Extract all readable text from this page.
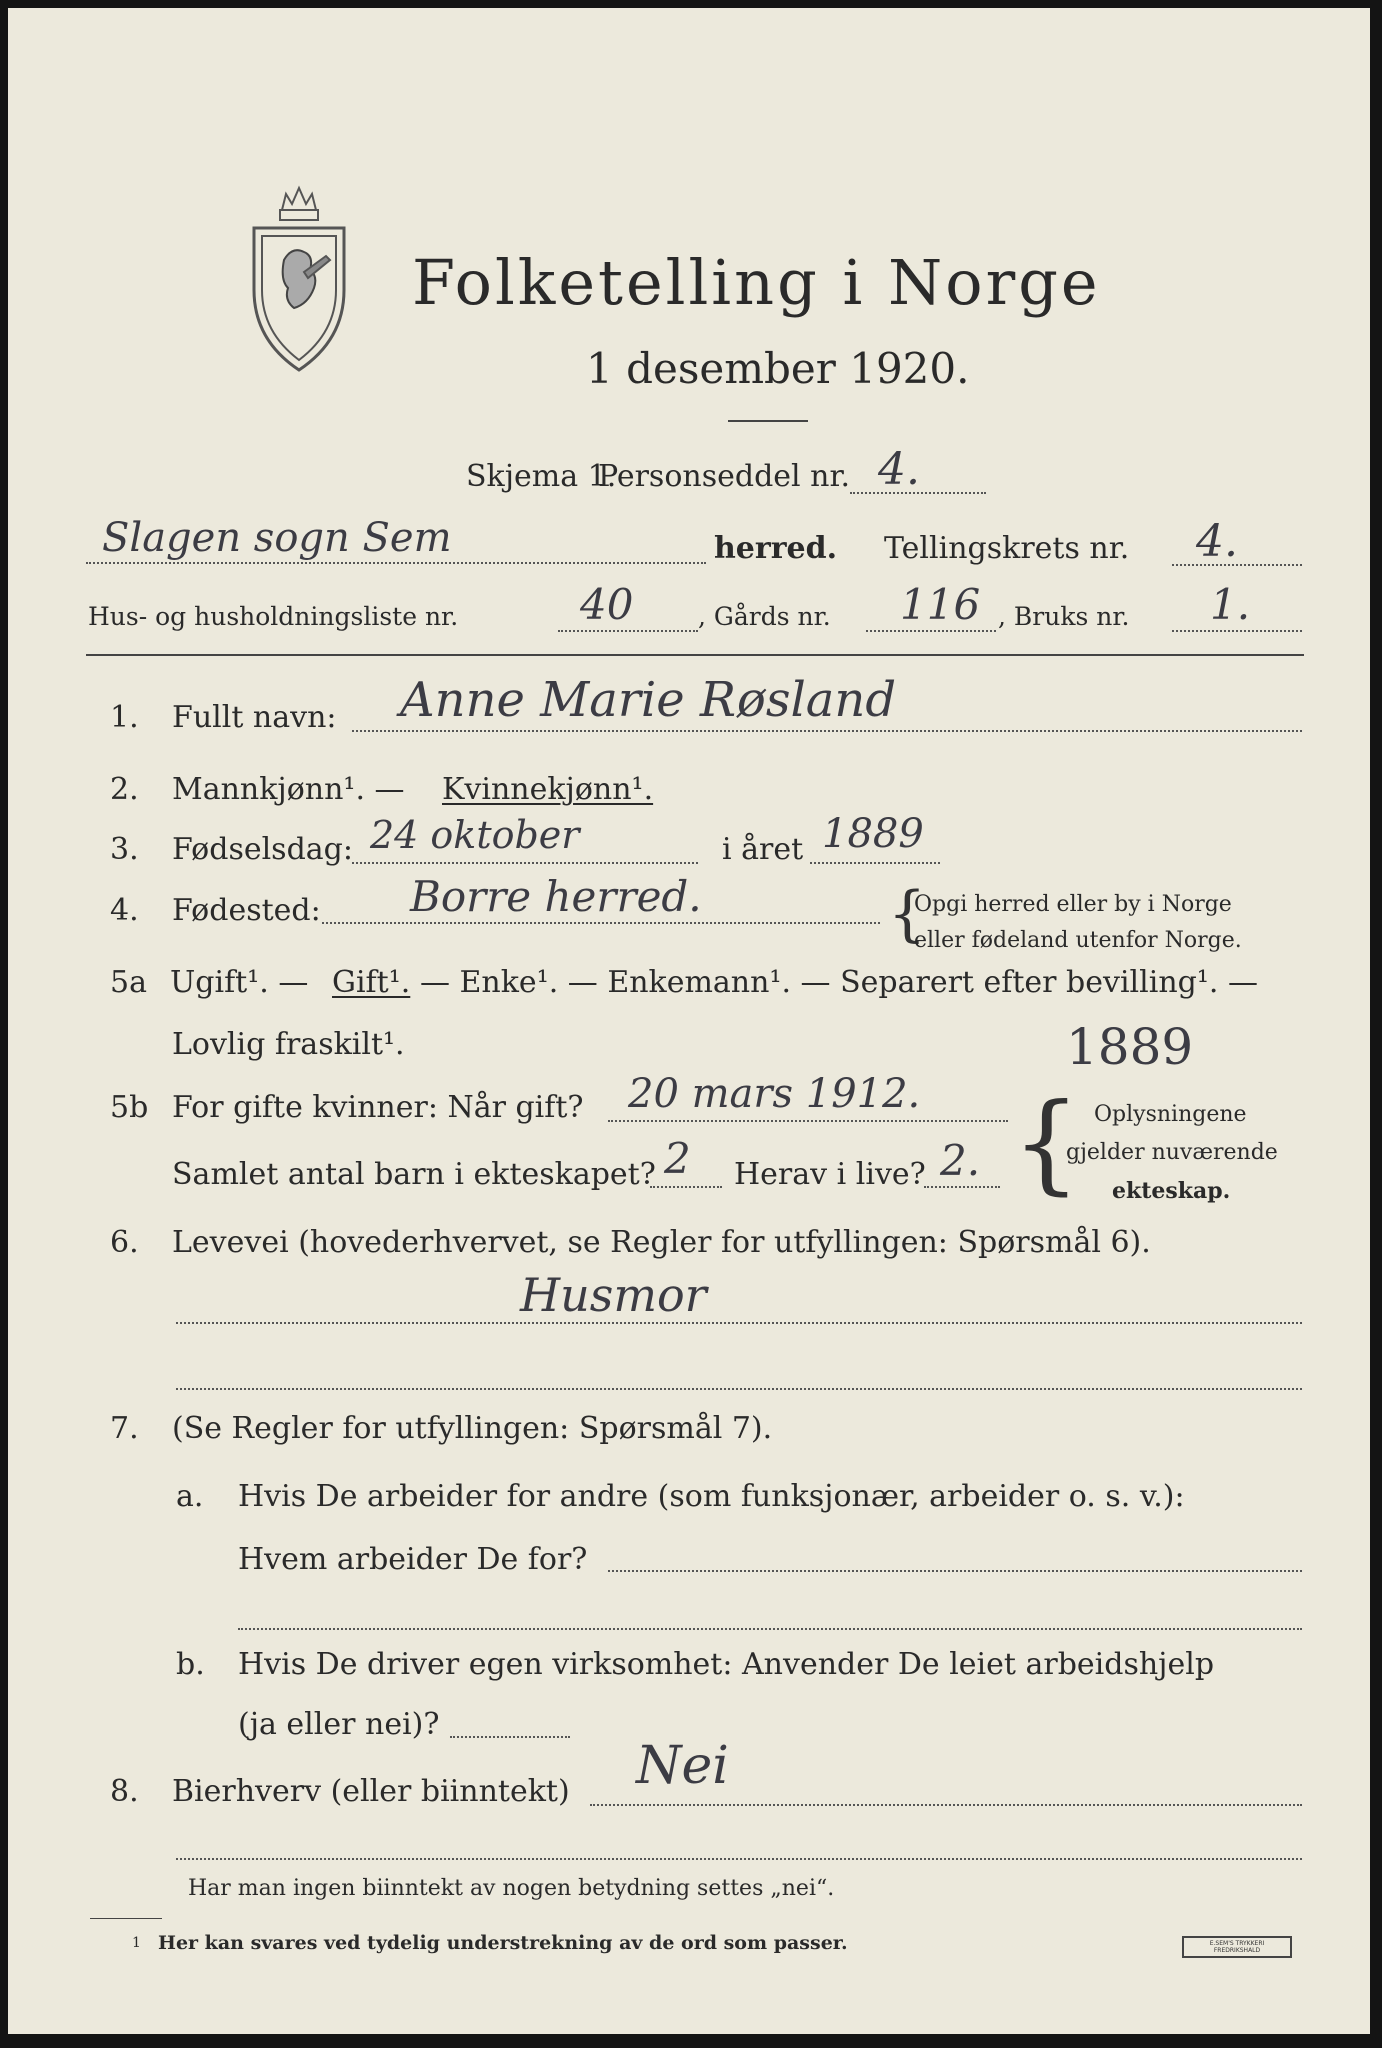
Folketelling i Norge
1 desember 1920.
Skjema 1.
Personseddel nr. 4.
Slagen sogn Sem	herred. Tellingskrets nr. 4.
Hus- og husholdningsliste nr.	40	, Gårds nr. 116 , Bruks nr. 1.
1. Fullt navn: Anne Marie Røsland
2. Mannkjønn¹. — Kvinnekjønn¹.
3. Fødselsdag: 24 oktober	i året 1889
4. Fødested: Borre herred.	{
Opgi herred eller by i Norge
eller fødeland utenfor Norge.
5a Ugift¹. — Gift¹. — Enke¹. — Enkemann¹. — Separert efter bevilling¹. —
Lovlig fraskilt¹.	1889
5b For gifte kvinner: Når gift? 20 mars 1912.
Samlet antal barn i ekteskapet? 2 Herav i live? 2. { Oplysningene
gjelder nuværende
ekteskap.
6. Levevei (hovederhvervet, se Regler for utfyllingen: Spørsmål 6).
Husmor
7. (Se Regler for utfyllingen: Spørsmål 7).
a. Hvis De arbeider for andre (som funksjonær, arbeider o. s. v.):
Hvem arbeider De for?
b. Hvis De driver egen virksomhet: Anvender De leiet arbeidshjelp
(ja eller nei)?
8. Bierhverv (eller biinntekt) Nei
Har man ingen biinntekt av nogen betydning settes „nei“.
1 Her kan svares ved tydelig understrekning av de ord som passer.	E.SEM'S TRYKKERI FREDRIKSHALD
